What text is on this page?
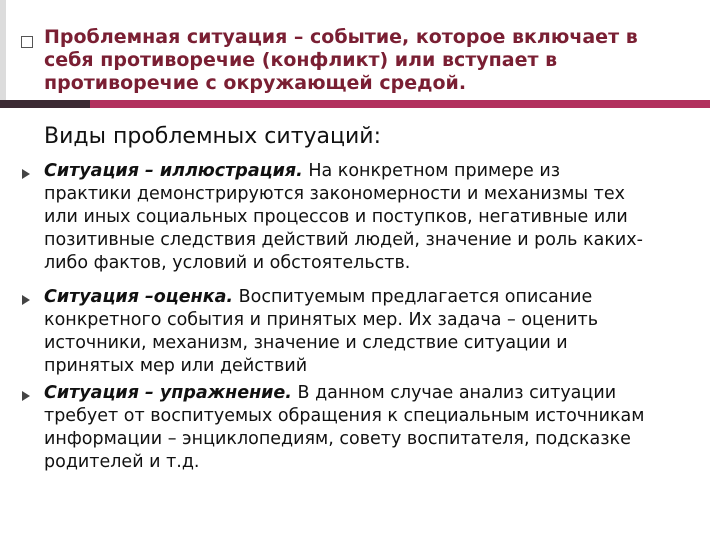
Проблемная ситуация – событие, которое включает в
себя противоречие (конфликт) или вступает в
противоречие с окружающей средой.
Виды проблемных ситуаций:
Ситуация – иллюстрация. На конкретном примере из
практики демонстрируются закономерности и механизмы тех
или иных социальных процессов и поступков, негативные или
позитивные следствия действий людей, значение и роль каких-
либо фактов, условий и обстоятельств.
Ситуация –оценка. Воспитуемым предлагается описание
конкретного события и принятых мер. Их задача – оценить
источники, механизм, значение и следствие ситуации и
принятых мер или действий
Ситуация – упражнение. В данном случае анализ ситуации
требует от воспитуемых обращения к специальным источникам
информации – энциклопедиям, совету воспитателя, подсказке
родителей и т.д.
